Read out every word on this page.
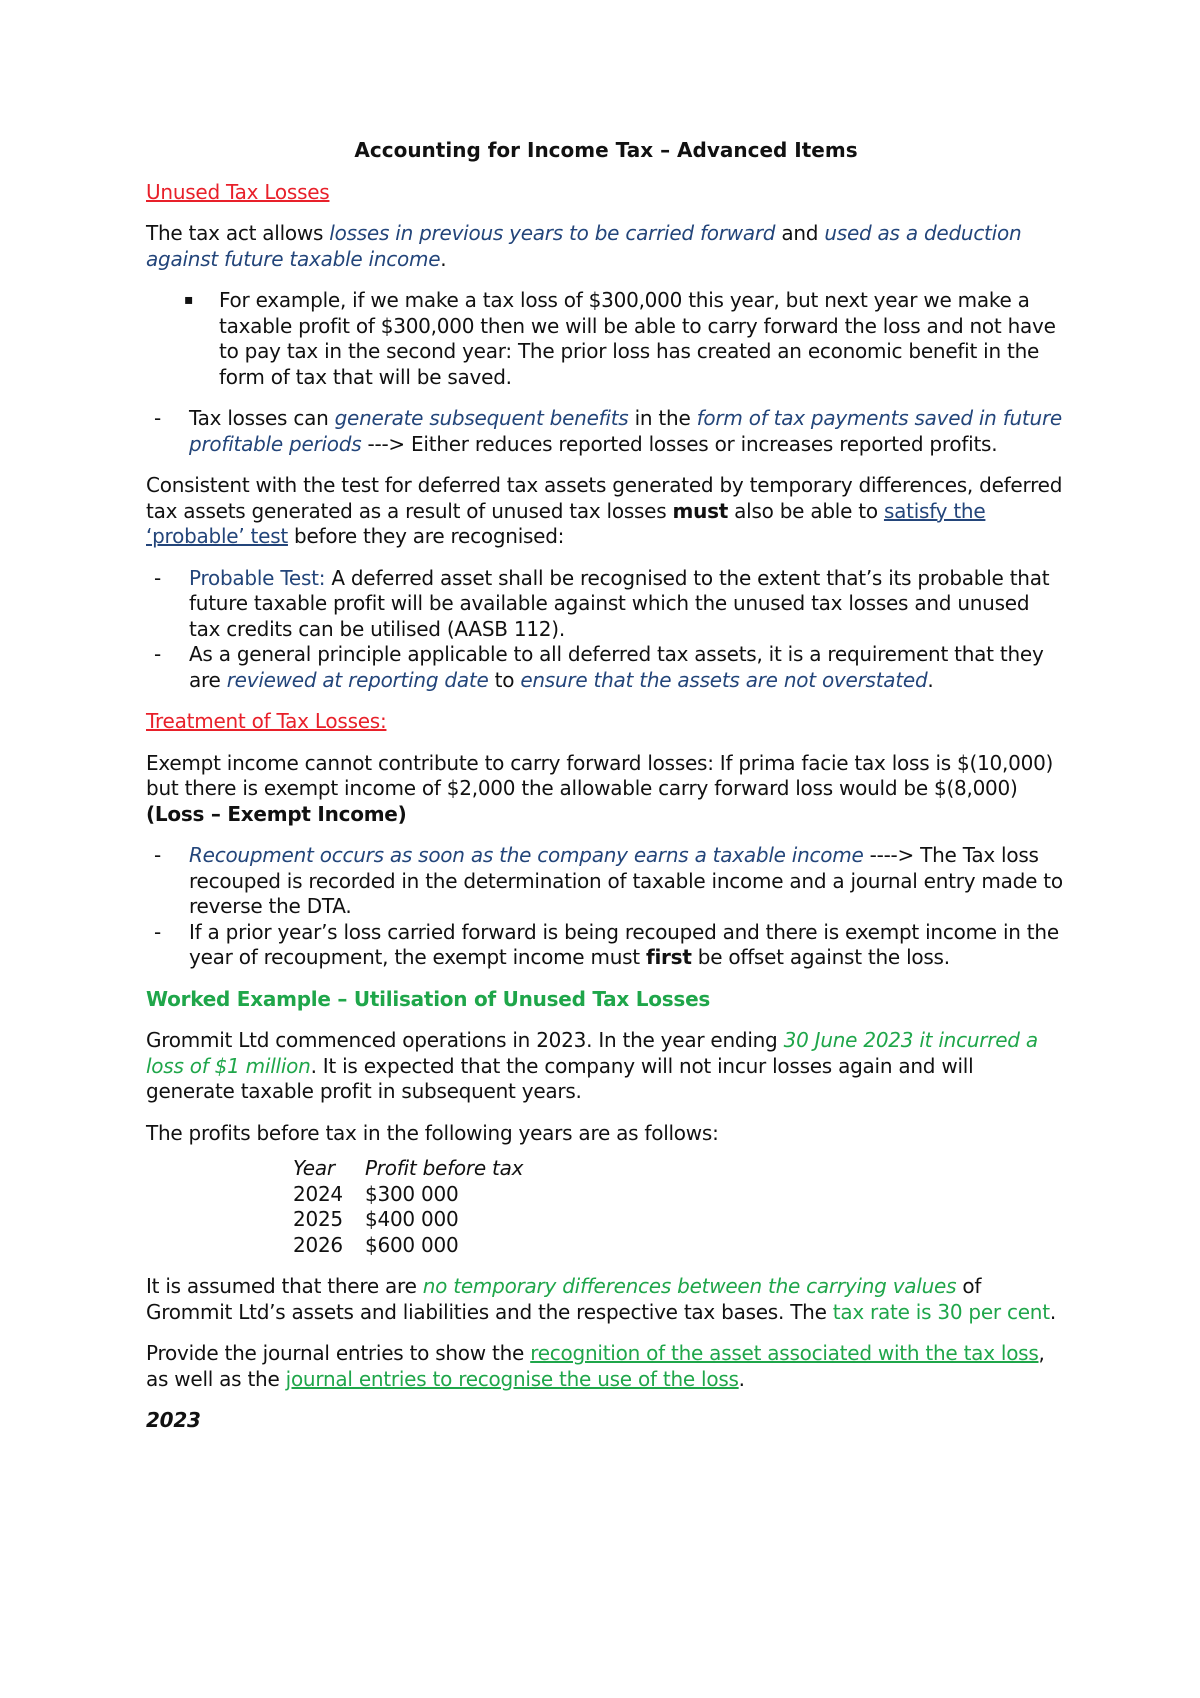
Accounting for Income Tax – Advanced Items

Unused Tax Losses

The tax act allows losses in previous years to be carried forward and used as a deduction against future taxable income.

▪ For example, if we make a tax loss of $300,000 this year, but next year we make a taxable profit of $300,000 then we will be able to carry forward the loss and not have to pay tax in the second year: The prior loss has created an economic benefit in the form of tax that will be saved.
- Tax losses can generate subsequent benefits in the form of tax payments saved in future profitable periods ---> Either reduces reported losses or increases reported profits.

Consistent with the test for deferred tax assets generated by temporary differences, deferred tax assets generated as a result of unused tax losses must also be able to satisfy the ‘probable’ test before they are recognised:

- Probable Test: A deferred asset shall be recognised to the extent that’s its probable that future taxable profit will be available against which the unused tax losses and unused tax credits can be utilised (AASB 112).
- As a general principle applicable to all deferred tax assets, it is a requirement that they are reviewed at reporting date to ensure that the assets are not overstated.

Treatment of Tax Losses:

Exempt income cannot contribute to carry forward losses: If prima facie tax loss is $(10,000) but there is exempt income of $2,000 the allowable carry forward loss would be $(8,000) (Loss – Exempt Income)

- Recoupment occurs as soon as the company earns a taxable income ----> The Tax loss recouped is recorded in the determination of taxable income and a journal entry made to reverse the DTA.
- If a prior year’s loss carried forward is being recouped and there is exempt income in the year of recoupment, the exempt income must first be offset against the loss.

Worked Example – Utilisation of Unused Tax Losses

Grommit Ltd commenced operations in 2023. In the year ending 30 June 2023 it incurred a loss of $1 million. It is expected that the company will not incur losses again and will generate taxable profit in subsequent years.

The profits before tax in the following years are as follows:

Year	Profit before tax
2024	$300 000
2025	$400 000
2026	$600 000

It is assumed that there are no temporary differences between the carrying values of Grommit Ltd’s assets and liabilities and the respective tax bases. The tax rate is 30 per cent.

Provide the journal entries to show the recognition of the asset associated with the tax loss, as well as the journal entries to recognise the use of the loss.

2023
